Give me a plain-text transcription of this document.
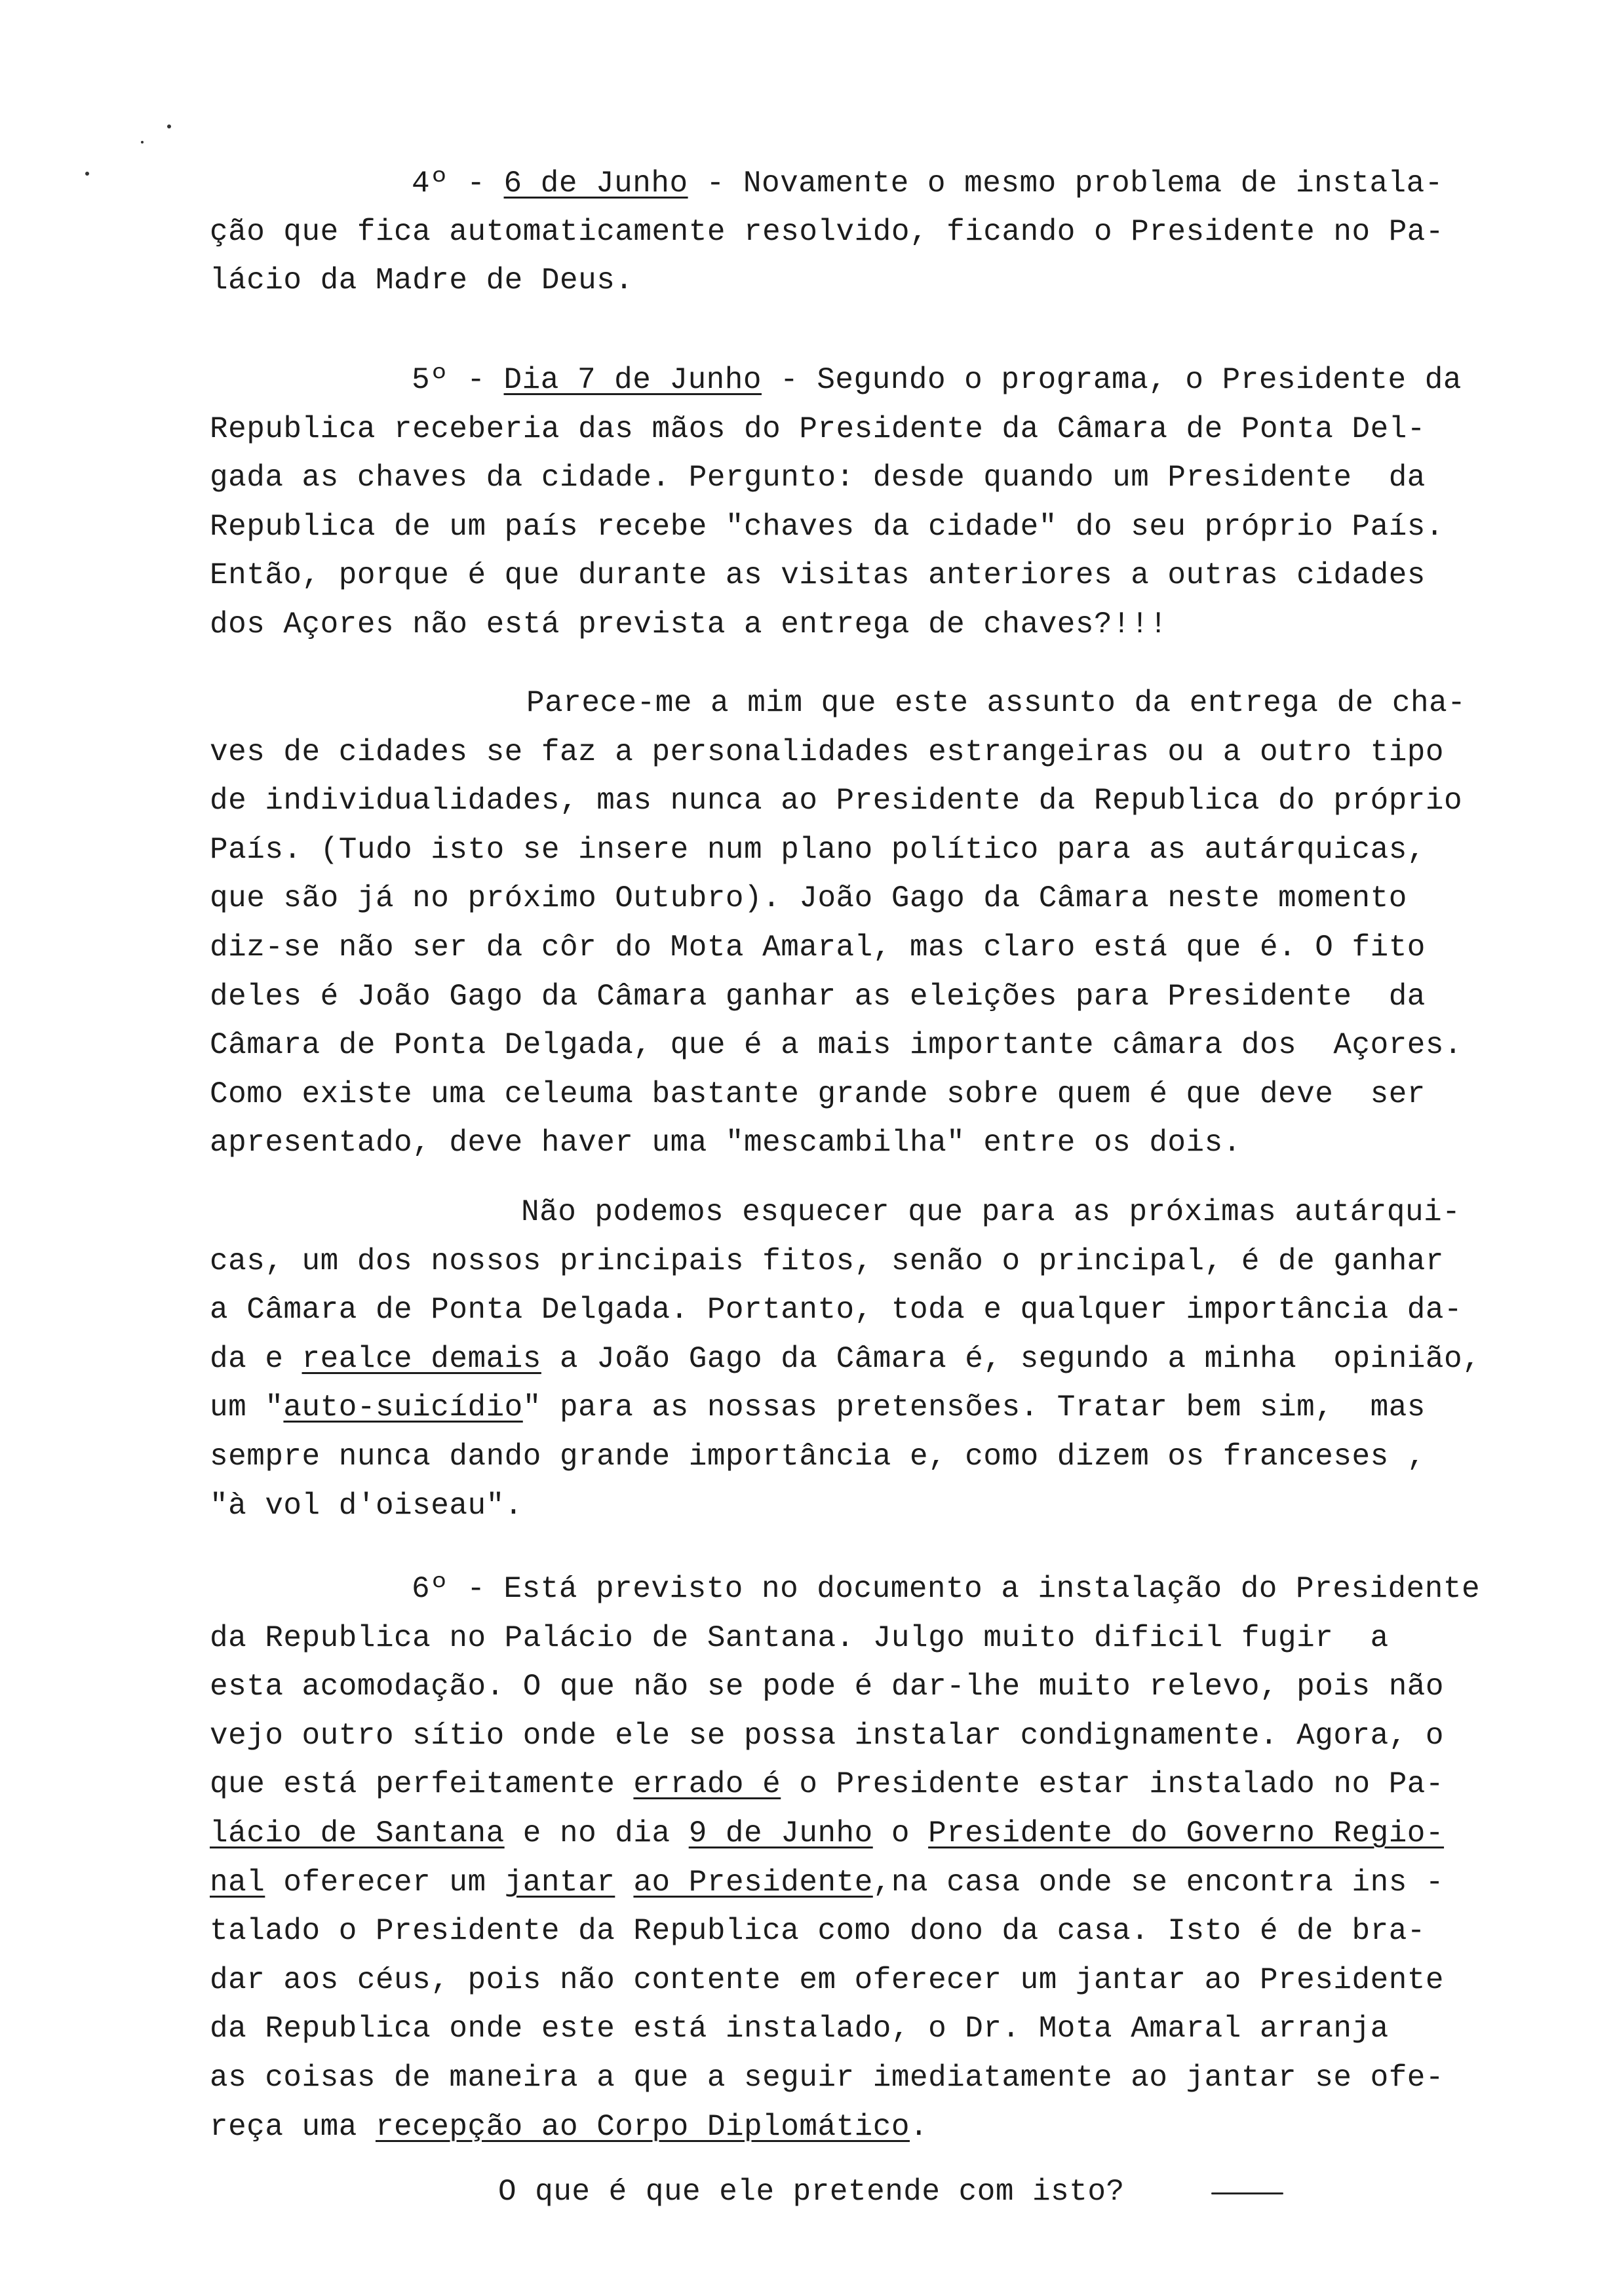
4º - 6 de Junho - Novamente o mesmo problema de instala-
ção que fica automaticamente resolvido, ficando o Presidente no Pa-
lácio da Madre de Deus.
5º - Dia 7 de Junho - Segundo o programa, o Presidente da
Republica receberia das mãos do Presidente da Câmara de Ponta Del-
gada as chaves da cidade. Pergunto: desde quando um Presidente  da
Republica de um país recebe "chaves da cidade" do seu próprio País.
Então, porque é que durante as visitas anteriores a outras cidades
dos Açores não está prevista a entrega de chaves?!!!
Parece-me a mim que este assunto da entrega de cha-
ves de cidades se faz a personalidades estrangeiras ou a outro tipo
de individualidades, mas nunca ao Presidente da Republica do próprio
País. (Tudo isto se insere num plano político para as autárquicas,
que são já no próximo Outubro). João Gago da Câmara neste momento
diz-se não ser da côr do Mota Amaral, mas claro está que é. O fito
deles é João Gago da Câmara ganhar as eleições para Presidente  da
Câmara de Ponta Delgada, que é a mais importante câmara dos  Açores.
Como existe uma celeuma bastante grande sobre quem é que deve  ser
apresentado, deve haver uma "mescambilha" entre os dois.
Não podemos esquecer que para as próximas autárqui-
cas, um dos nossos principais fitos, senão o principal, é de ganhar
a Câmara de Ponta Delgada. Portanto, toda e qualquer importância da-
da e realce demais a João Gago da Câmara é, segundo a minha  opinião,
um "auto-suicídio" para as nossas pretensões. Tratar bem sim,  mas
sempre nunca dando grande importância e, como dizem os franceses ,
"à vol d'oiseau".
6º - Está previsto no documento a instalação do Presidente
da Republica no Palácio de Santana. Julgo muito dificil fugir  a
esta acomodação. O que não se pode é dar-lhe muito relevo, pois não
vejo outro sítio onde ele se possa instalar condignamente. Agora, o
que está perfeitamente errado é o Presidente estar instalado no Pa-
lácio de Santana e no dia 9 de Junho o Presidente do Governo Regio-
nal oferecer um jantar ao Presidente,na casa onde se encontra ins -
talado o Presidente da Republica como dono da casa. Isto é de bra-
dar aos céus, pois não contente em oferecer um jantar ao Presidente
da Republica onde este está instalado, o Dr. Mota Amaral arranja
as coisas de maneira a que a seguir imediatamente ao jantar se ofe-
reça uma recepção ao Corpo Diplomático.
O que é que ele pretende com isto?
